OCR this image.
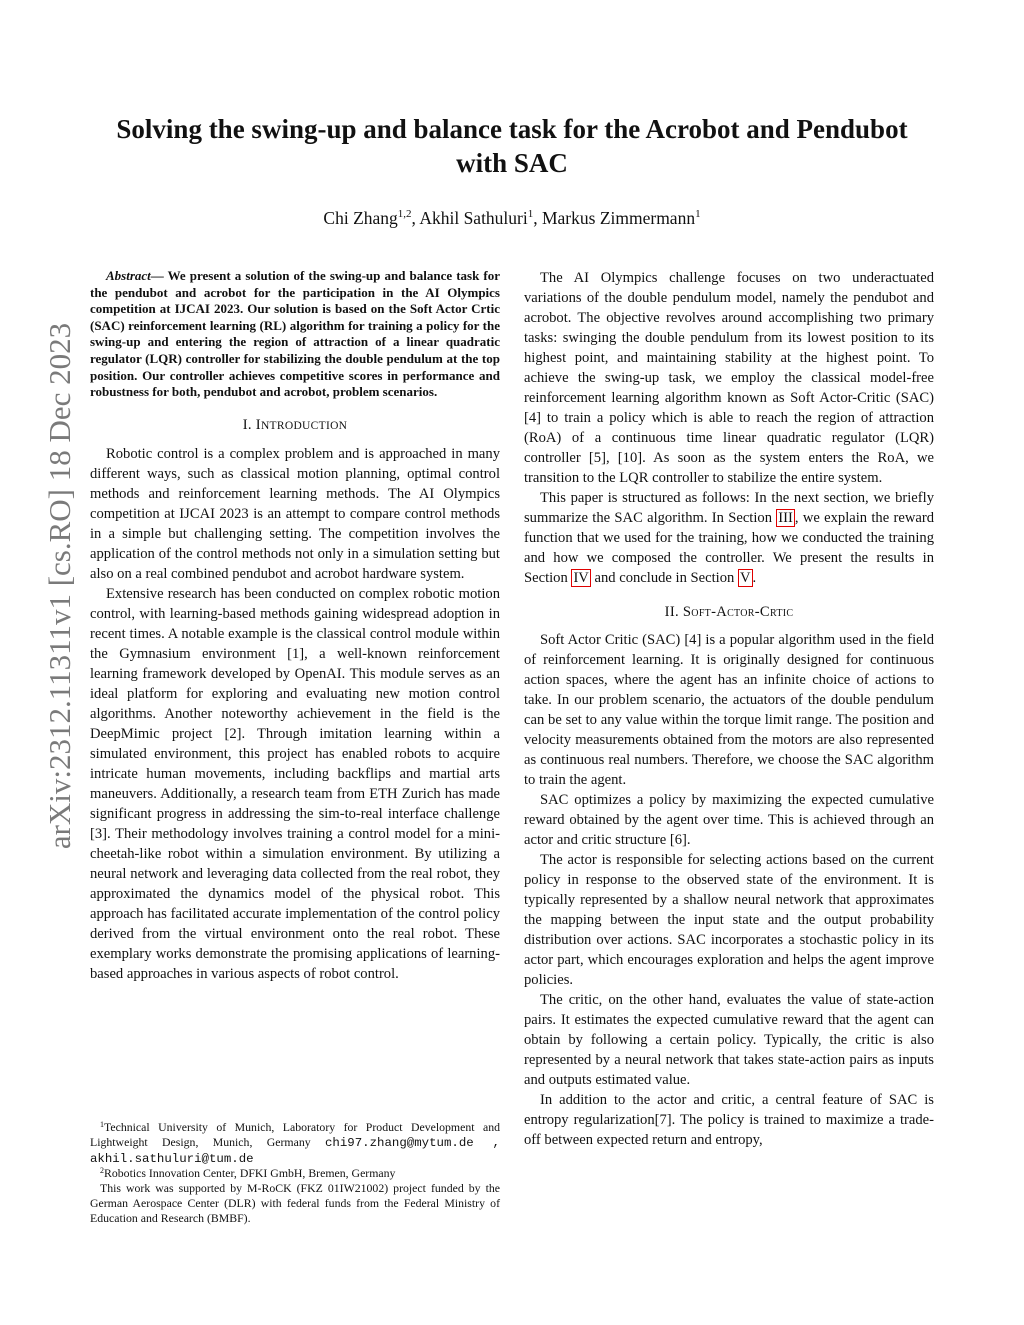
Solving the swing-up and balance task for the Acrobot and Pendubot with SAC
Chi Zhang$^{1,2}$, Akhil Sathuluri$^1$, Markus Zimmermann$^1$
arXiv:2312.11311v1 [cs.RO] 18 Dec 2023

Abstract— We present a solution of the swing-up and balance task for the pendubot and acrobot for the participation in the AI Olympics competition at IJCAI 2023. Our solution is based on the Soft Actor Crtic (SAC) reinforcement learning (RL) algorithm for training a policy for the swing-up and entering the region of attraction of a linear quadratic regulator (LQR) controller for stabilizing the double pendulum at the top position. Our controller achieves competitive scores in performance and robustness for both, pendubot and acrobot, problem scenarios.

I. INTRODUCTION

Robotic control is a complex problem and is approached in many different ways, such as classical motion planning, optimal control methods and reinforcement learning methods. The AI Olympics competition at IJCAI 2023 is an attempt to compare control methods in a simple but challenging setting. The competition involves the application of the control methods not only in a simulation setting but also on a real combined pendubot and acrobot hardware system.

Extensive research has been conducted on complex robotic motion control, with learning-based methods gaining widespread adoption in recent times. A notable example is the classical control module within the Gymnasium environment [1], a well-known reinforcement learning framework developed by OpenAI. This module serves as an ideal platform for exploring and evaluating new motion control algorithms. Another noteworthy achievement in the field is the DeepMimic project [2]. Through imitation learning within a simulated environment, this project has enabled robots to acquire intricate human movements, including backflips and martial arts maneuvers. Additionally, a research team from ETH Zurich has made significant progress in addressing the sim-to-real interface challenge [3]. Their methodology involves training a control model for a mini-cheetah-like robot within a simulation environment. By utilizing a neural network and leveraging data collected from the real robot, they approximated the dynamics model of the physical robot. This approach has facilitated accurate implementation of the control policy derived from the virtual environment onto the real robot. These exemplary works demonstrate the promising applications of learning-based approaches in various aspects of robot control.

$^1$Technical University of Munich, Laboratory for Product Development and Lightweight Design, Munich, Germany chi97.zhang@mytum.de , akhil.sathuluri@tum.de

$^2$Robotics Innovation Center, DFKI GmbH, Bremen, Germany

This work was supported by M-RoCK (FKZ 01IW21002) project funded by the German Aerospace Center (DLR) with federal funds from the Federal Ministry of Education and Research (BMBF).

The AI Olympics challenge focuses on two underactuated variations of the double pendulum model, namely the pendubot and acrobot. The objective revolves around accomplishing two primary tasks: swinging the double pendulum from its lowest position to its highest point, and maintaining stability at the highest point. To achieve the swing-up task, we employ the classical model-free reinforcement learning algorithm known as Soft Actor-Critic (SAC) [4] to train a policy which is able to reach the region of attraction (RoA) of a continuous time linear quadratic regulator (LQR) controller [5], [10]. As soon as the system enters the RoA, we transition to the LQR controller to stabilize the entire system.

This paper is structured as follows: In the next section, we briefly summarize the SAC algorithm. In Section III , we explain the reward function that we used for the training, how we conducted the training and how we composed the controller. We present the results in Section IV and conclude in Section V .

II. Soft-Actor-Crtic

Soft Actor Critic (SAC) [4] is a popular algorithm used in the field of reinforcement learning. It is originally designed for continuous action spaces, where the agent has an infinite choice of actions to take. In our problem scenario, the actuators of the double pendulum can be set to any value within the torque limit range. The position and velocity measurements obtained from the motors are also represented as continuous real numbers. Therefore, we choose the SAC algorithm to train the agent.

SAC optimizes a policy by maximizing the expected cumulative reward obtained by the agent over time. This is achieved through an actor and critic structure [6].

The actor is responsible for selecting actions based on the current policy in response to the observed state of the environment. It is typically represented by a shallow neural network that approximates the mapping between the input state and the output probability distribution over actions. SAC incorporates a stochastic policy in its actor part, which encourages exploration and helps the agent improve policies.

The critic, on the other hand, evaluates the value of state-action pairs. It estimates the expected cumulative reward that the agent can obtain by following a certain policy. Typically, the critic is also represented by a neural network that takes state-action pairs as inputs and outputs estimated value.

In addition to the actor and critic, a central feature of SAC is entropy regularization[7]. The policy is trained to maximize a trade-off between expected return and entropy,
